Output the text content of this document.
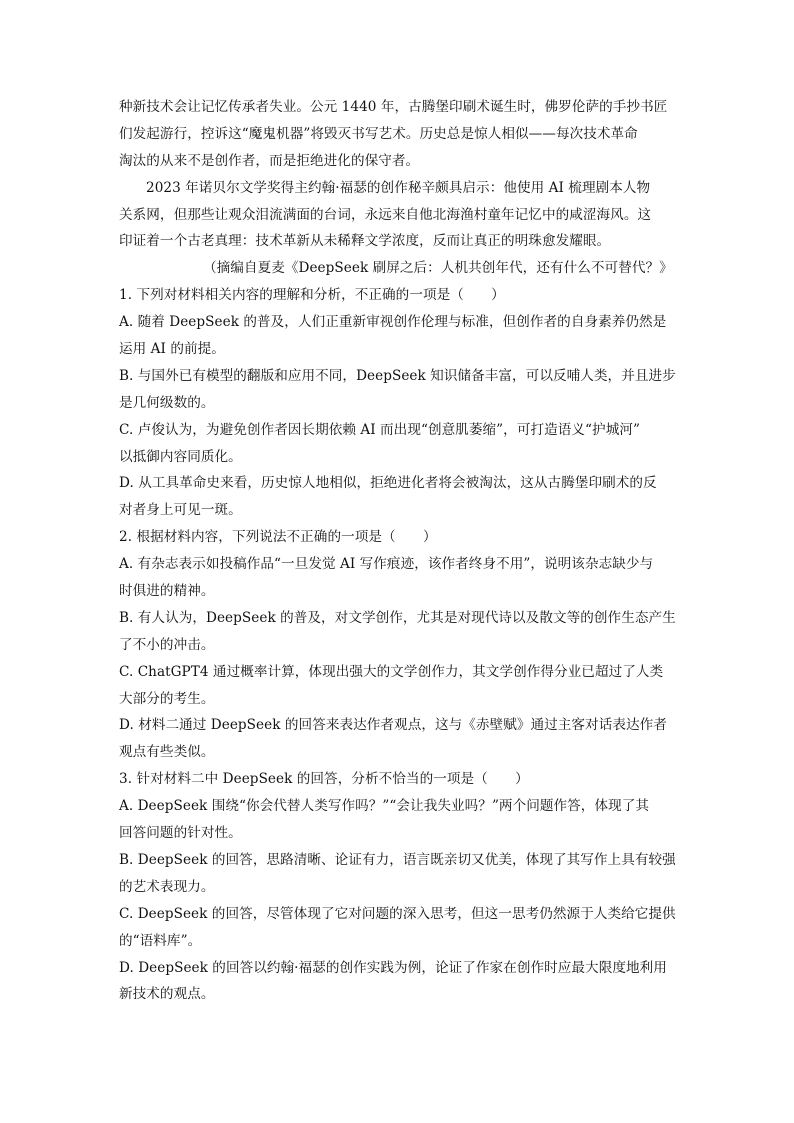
种新技术会让记忆传承者失业。公元 1440 年，古腾堡印刷术诞生时，佛罗伦萨的手抄书匠
们发起游行，控诉这“魔鬼机器”将毁灭书写艺术。历史总是惊人相似——每次技术革命
淘汰的从来不是创作者，而是拒绝进化的保守者。
2023 年诺贝尔文学奖得主约翰·福瑟的创作秘辛颇具启示：他使用 AI 梳理剧本人物
关系网，但那些让观众泪流满面的台词，永远来自他北海渔村童年记忆中的咸涩海风。这
印证着一个古老真理：技术革新从未稀释文学浓度，反而让真正的明珠愈发耀眼。
（摘编自夏麦《DeepSeek 刷屏之后：人机共创年代，还有什么不可替代？》
1. 下列对材料相关内容的理解和分析，不正确的一项是（　　）
A. 随着 DeepSeek 的普及，人们正重新审视创作伦理与标准，但创作者的自身素养仍然是
运用 AI 的前提。
B. 与国外已有模型的翻版和应用不同，DeepSeek 知识储备丰富，可以反哺人类，并且进步
是几何级数的。
C. 卢俊认为，为避免创作者因长期依赖 AI 而出现“创意肌萎缩”，可打造语义“护城河”
以抵御内容同质化。
D. 从工具革命史来看，历史惊人地相似，拒绝进化者将会被淘汰，这从古腾堡印刷术的反
对者身上可见一斑。
2. 根据材料内容，下列说法不正确的一项是（　　）
A. 有杂志表示如投稿作品“一旦发觉 AI 写作痕迹，该作者终身不用”，说明该杂志缺少与
时俱进的精神。
B. 有人认为，DeepSeek 的普及，对文学创作，尤其是对现代诗以及散文等的创作生态产生
了不小的冲击。
C. ChatGPT4 通过概率计算，体现出强大的文学创作力，其文学创作得分业已超过了人类
大部分的考生。
D. 材料二通过 DeepSeek 的回答来表达作者观点，这与《赤壁赋》通过主客对话表达作者
观点有些类似。
3. 针对材料二中 DeepSeek 的回答，分析不恰当的一项是（　　）
A. DeepSeek 围绕“你会代替人类写作吗？”“会让我失业吗？”两个问题作答，体现了其
回答问题的针对性。
B. DeepSeek 的回答，思路清晰、论证有力，语言既亲切又优美，体现了其写作上具有较强
的艺术表现力。
C. DeepSeek 的回答，尽管体现了它对问题的深入思考，但这一思考仍然源于人类给它提供
的“语料库”。
D. DeepSeek 的回答以约翰·福瑟的创作实践为例，论证了作家在创作时应最大限度地利用
新技术的观点。
